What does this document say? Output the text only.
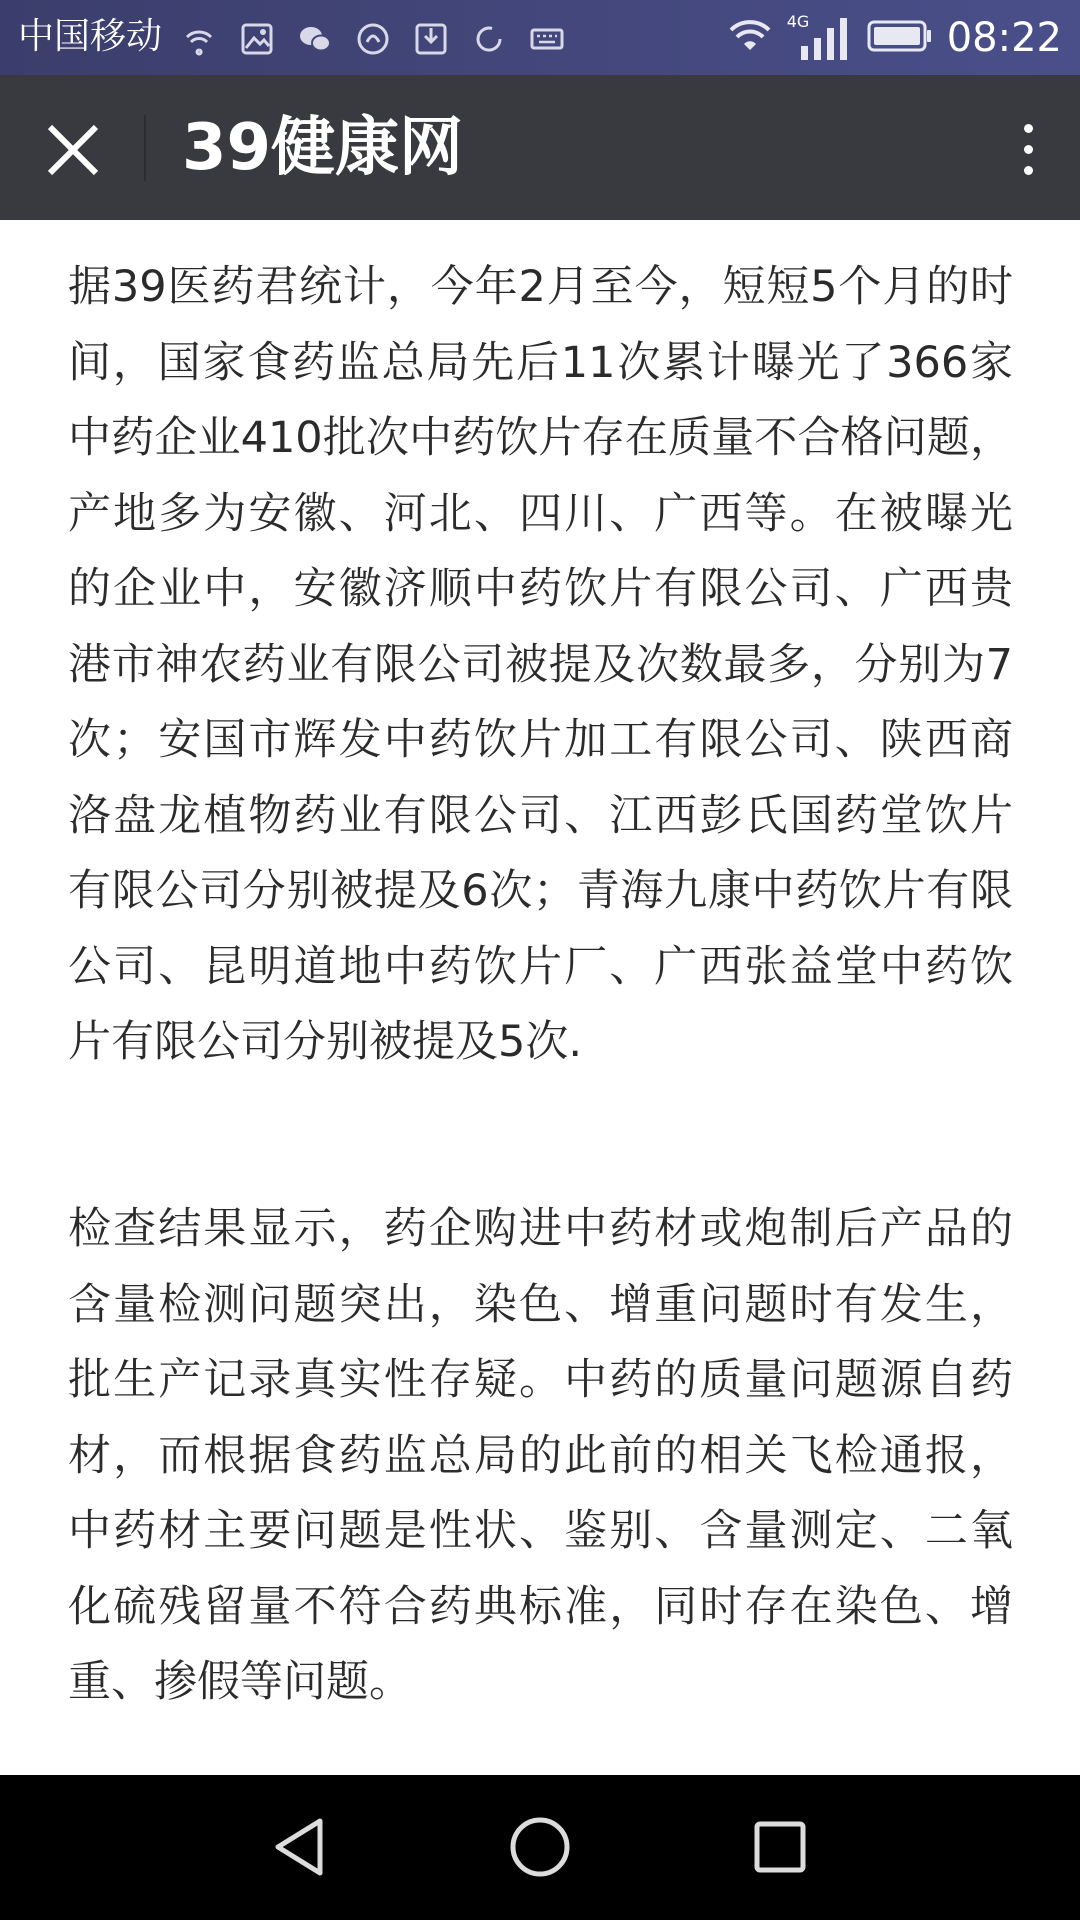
中国移动	4G	08:22
39健康网

据39医药君统计，今年2月至今，短短5个月的时间，国家食药监总局先后11次累计曝光了366家中药企业410批次中药饮片存在质量不合格问题，产地多为安徽、河北、四川、广西等。在被曝光的企业中，安徽济顺中药饮片有限公司、广西贵港市神农药业有限公司被提及次数最多，分别为7次；安国市辉发中药饮片加工有限公司、陕西商洛盘龙植物药业有限公司、江西彭氏国药堂饮片有限公司分别被提及6次；青海九康中药饮片有限公司、昆明道地中药饮片厂、广西张益堂中药饮片有限公司分别被提及5次.

检查结果显示，药企购进中药材或炮制后产品的含量检测问题突出，染色、增重问题时有发生，批生产记录真实性存疑。中药的质量问题源自药材，而根据食药监总局的此前的相关飞检通报，中药材主要问题是性状、鉴别、含量测定、二氧化硫残留量不符合药典标准，同时存在染色、增重、掺假等问题。
